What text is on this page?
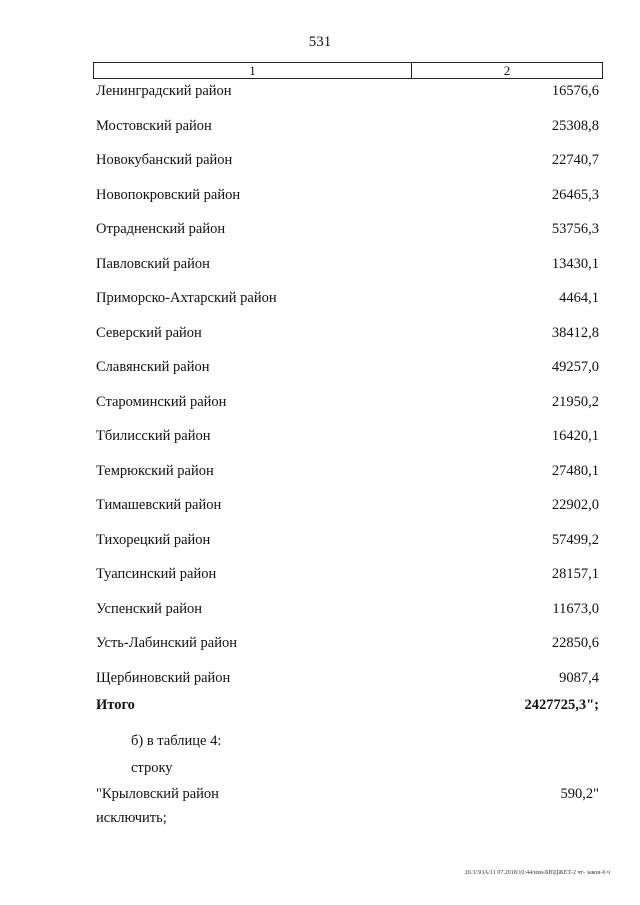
531
1	2
Ленинградский район	16576,6
Мостовский район	25308,8
Новокубанский район	22740,7
Новопокровский район	26465,3
Отрадненский район	53756,3
Павловский район	13430,1
Приморско-Ахтарский район	4464,1
Северский район	38412,8
Славянский район	49257,0
Староминский район	21950,2
Тбилисский район	16420,1
Темрюкский район	27480,1
Тимашевский район	22902,0
Тихорецкий район	57499,2
Туапсинский район	28157,1
Успенский район	11673,0
Усть-Лабинский район	22850,6
Щербиновский район	9087,4
Итого	2427725,3";
б) в таблице 4:
строку
"Крыловский район	590,2"
исключить;
20.3/3ОА/11 07.2018/10:44/изм-БЮДЖЕТ-2 чт- закон-6 ч
